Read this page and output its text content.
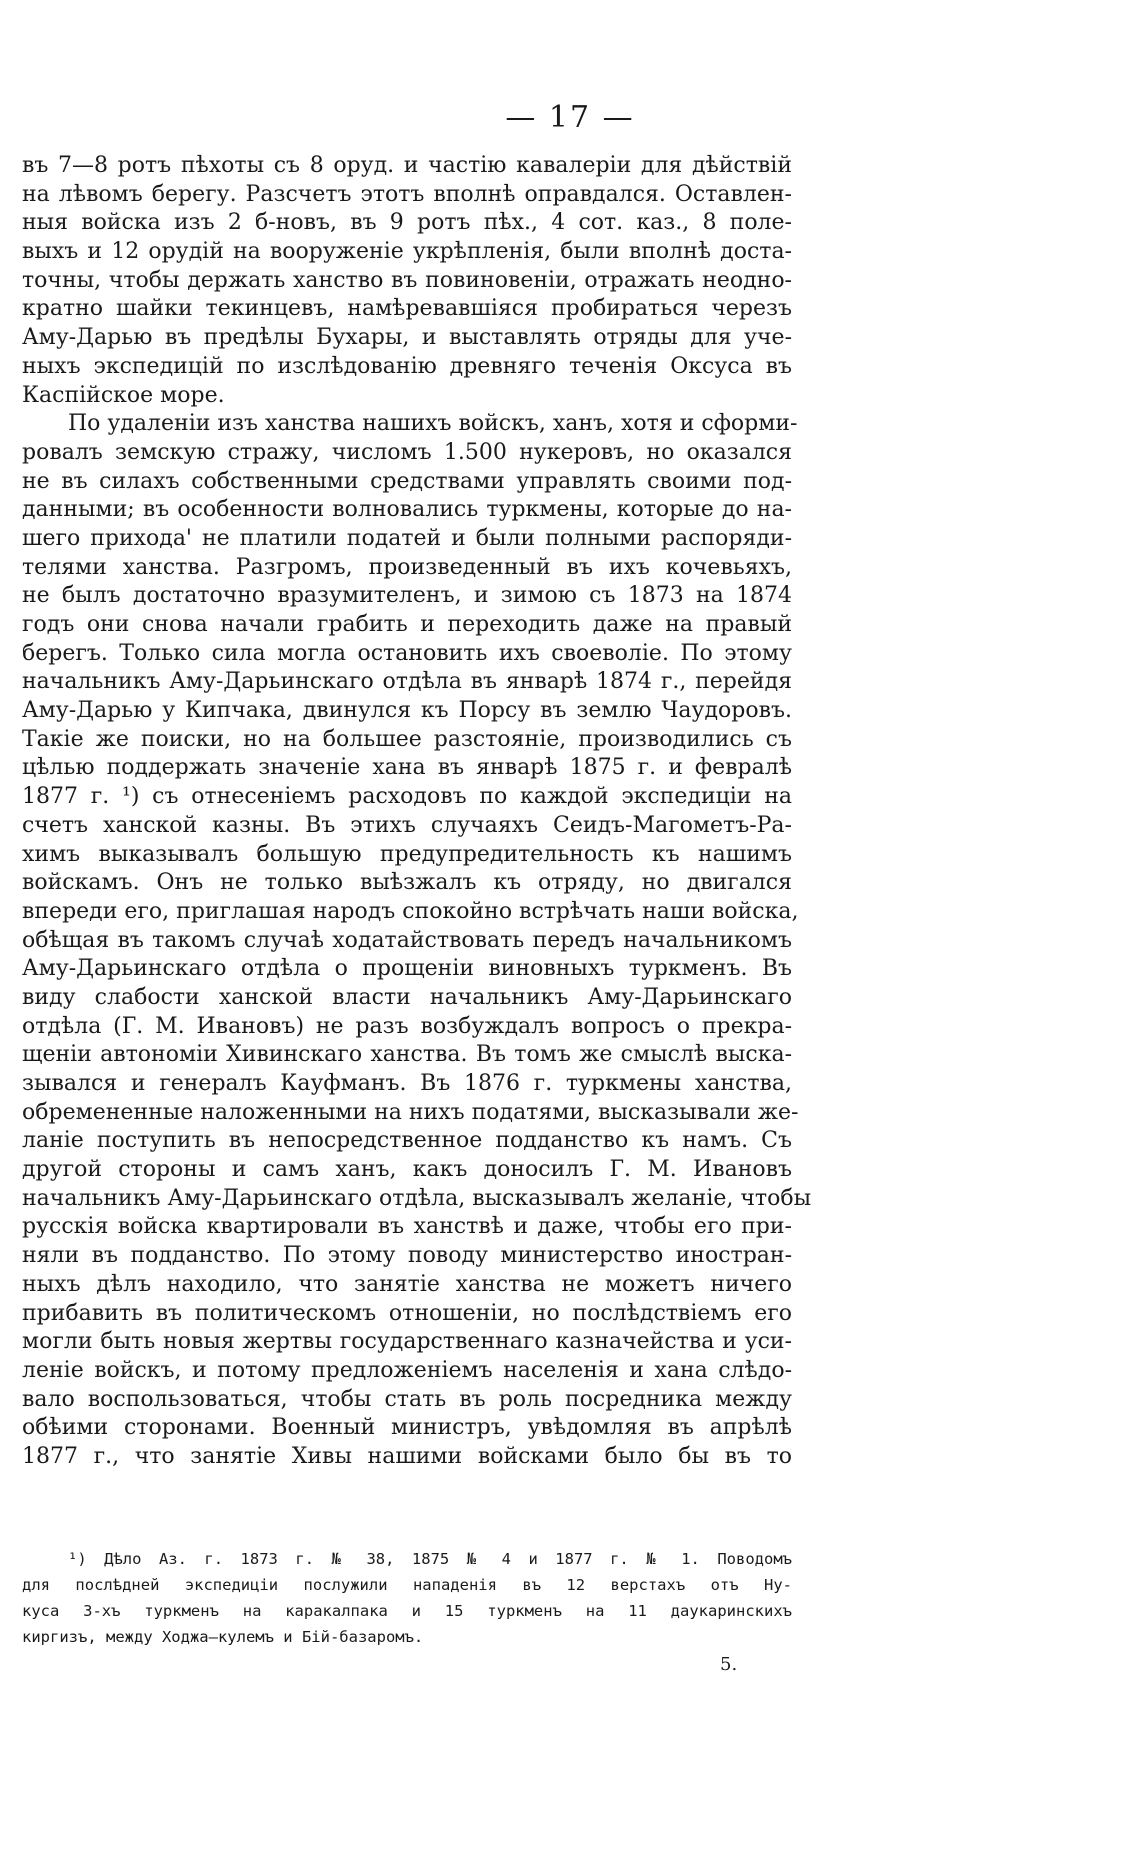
— 17 —
въ 7—8 ротъ пѣхоты съ 8 оруд. и частію кавалеріи для дѣйствій
на лѣвомъ берегу. Разсчетъ этотъ вполнѣ оправдался. Оставлен-
ныя войска изъ 2 б-новъ, въ 9 ротъ пѣх., 4 сот. каз., 8 поле-
выхъ и 12 орудій на вооруженіе укрѣпленія, были вполнѣ доста-
точны, чтобы держать ханство въ повиновеніи, отражать неодно-
кратно шайки текинцевъ, намѣревавшіяся пробираться черезъ
Аму-Дарью въ предѣлы Бухары, и выставлять отряды для уче-
ныхъ экспедицій по изслѣдованію древняго теченія Оксуса въ
Каспійское море.
По удаленіи изъ ханства нашихъ войскъ, ханъ, хотя и сформи-
ровалъ земскую стражу, числомъ 1.500 нукеровъ, но оказался
не въ силахъ собственными средствами управлять своими под-
данными; въ особенности волновались туркмены, которые до на-
шего прихода' не платили податей и были полными распоряди-
телями ханства. Разгромъ, произведенный въ ихъ кочевьяхъ,
не былъ достаточно вразумителенъ, и зимою съ 1873 на 1874
годъ они снова начали грабить и переходить даже на правый
берегъ. Только сила могла остановить ихъ своеволіе. По этому
начальникъ Аму-Дарьинскаго отдѣла въ январѣ 1874 г., перейдя
Аму-Дарью у Кипчака, двинулся къ Порсу въ землю Чаудоровъ.
Такіе же поиски, но на большее разстояніе, производились съ
цѣлью поддержать значеніе хана въ январѣ 1875 г. и февралѣ
1877 г. ¹) съ отнесеніемъ расходовъ по каждой экспедиціи на
счетъ ханской казны. Въ этихъ случаяхъ Сеидъ-Магометъ-Ра-
химъ выказывалъ большую предупредительность къ нашимъ
войскамъ. Онъ не только выѣзжалъ къ отряду, но двигался
впереди его, приглашая народъ спокойно встрѣчать наши войска,
обѣщая въ такомъ случаѣ ходатайствовать передъ начальникомъ
Аму-Дарьинскаго отдѣла о прощеніи виновныхъ туркменъ. Въ
виду слабости ханской власти начальникъ Аму-Дарьинскаго
отдѣла (Г. М. Ивановъ) не разъ возбуждалъ вопросъ о прекра-
щеніи автономіи Хивинскаго ханства. Въ томъ же смыслѣ выска-
зывался и генералъ Кауфманъ. Въ 1876 г. туркмены ханства,
обремененные наложенными на нихъ податями, высказывали же-
ланіе поступить въ непосредственное подданство къ намъ. Съ
другой стороны и самъ ханъ, какъ доносилъ Г. М. Ивановъ
начальникъ Аму-Дарьинскаго отдѣла, высказывалъ желаніе, чтобы
русскія войска квартировали въ ханствѣ и даже, чтобы его при-
няли въ подданство. По этому поводу министерство иностран-
ныхъ дѣлъ находило, что занятіе ханства не можетъ ничего
прибавить въ политическомъ отношеніи, но послѣдствіемъ его
могли быть новыя жертвы государственнаго казначейства и уси-
леніе войскъ, и потому предложеніемъ населенія и хана слѣдо-
вало воспользоваться, чтобы стать въ роль посредника между
обѣими сторонами. Военный министръ, увѣдомляя въ апрѣлѣ
1877 г., что занятіе Хивы нашими войсками было бы въ то
¹) Дѣло Аз. г. 1873 г. № 38, 1875 № 4 и 1877 г. № 1. Поводомъ
для послѣдней экспедиціи послужили нападенія въ 12 верстахъ отъ Ну-
куса 3-хъ туркменъ на каракалпака и 15 туркменъ на 11 даукаринскихъ
киргизъ, между Ходжа—кулемъ и Бій-базаромъ.
5.
